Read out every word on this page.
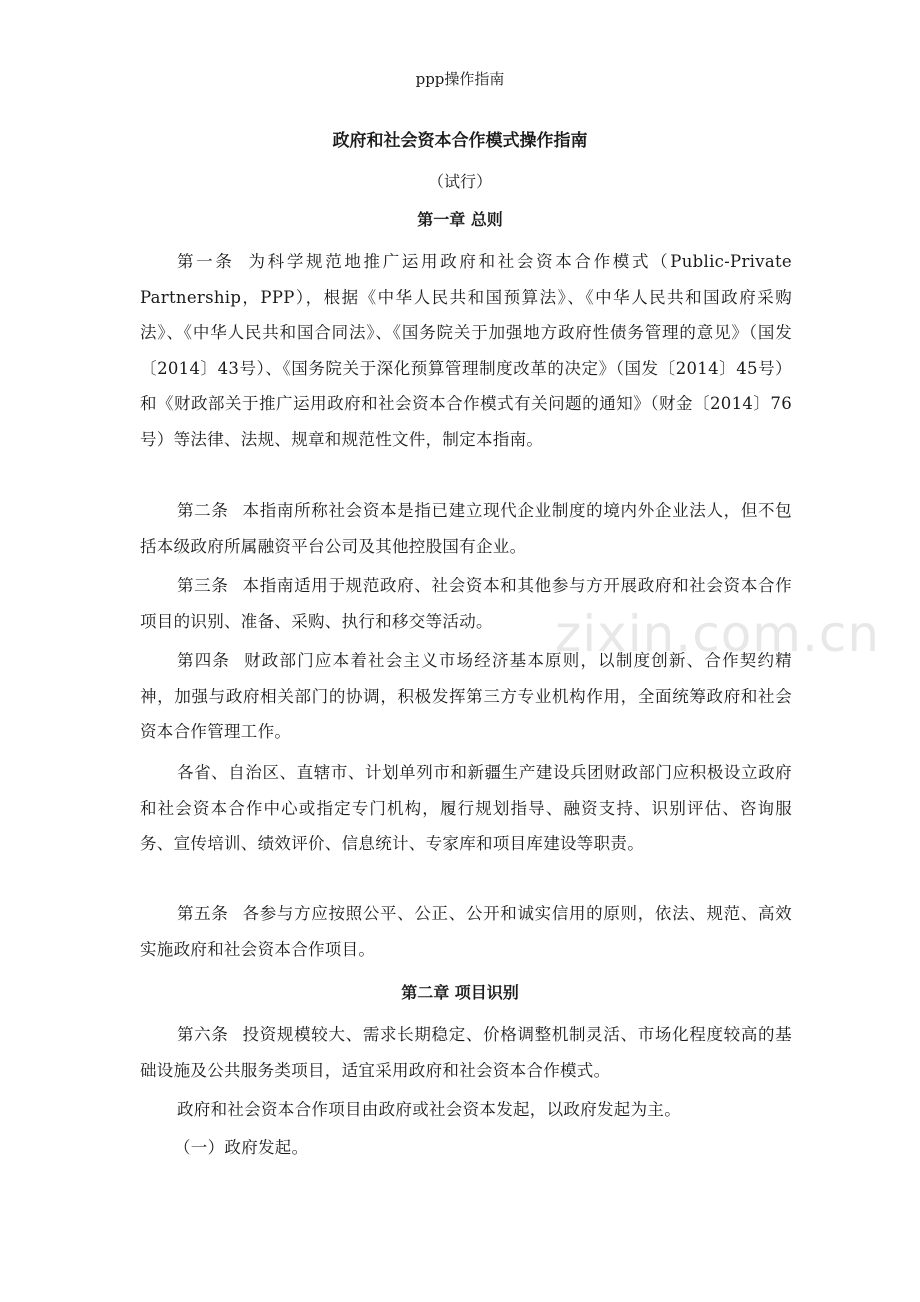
ppp操作指南
政府和社会资本合作模式操作指南
（试行）
第一章 总则

第一条 为科学规范地推广运用政府和社会资本合作模式（Public-Private Partnership，PPP），根据《中华人民共和国预算法》、《中华人民共和国政府采购法》、《中华人民共和国合同法》、《国务院关于加强地方政府性债务管理的意见》（国发〔2014〕43号）、《国务院关于深化预算管理制度改革的决定》（国发〔2014〕45号）和《财政部关于推广运用政府和社会资本合作模式有关问题的通知》（财金〔2014〕76号）等法律、法规、规章和规范性文件，制定本指南。

第二条 本指南所称社会资本是指已建立现代企业制度的境内外企业法人，但不包括本级政府所属融资平台公司及其他控股国有企业。

第三条 本指南适用于规范政府、社会资本和其他参与方开展政府和社会资本合作项目的识别、准备、采购、执行和移交等活动。

第四条 财政部门应本着社会主义市场经济基本原则，以制度创新、合作契约精神，加强与政府相关部门的协调，积极发挥第三方专业机构作用，全面统筹政府和社会资本合作管理工作。

各省、自治区、直辖市、计划单列市和新疆生产建设兵团财政部门应积极设立政府和社会资本合作中心或指定专门机构，履行规划指导、融资支持、识别评估、咨询服务、宣传培训、绩效评价、信息统计、专家库和项目库建设等职责。

第五条 各参与方应按照公平、公正、公开和诚实信用的原则，依法、规范、高效实施政府和社会资本合作项目。

第二章 项目识别

第六条 投资规模较大、需求长期稳定、价格调整机制灵活、市场化程度较高的基础设施及公共服务类项目，适宜采用政府和社会资本合作模式。

政府和社会资本合作项目由政府或社会资本发起，以政府发起为主。

（一）政府发起。

zixin.com.cn
